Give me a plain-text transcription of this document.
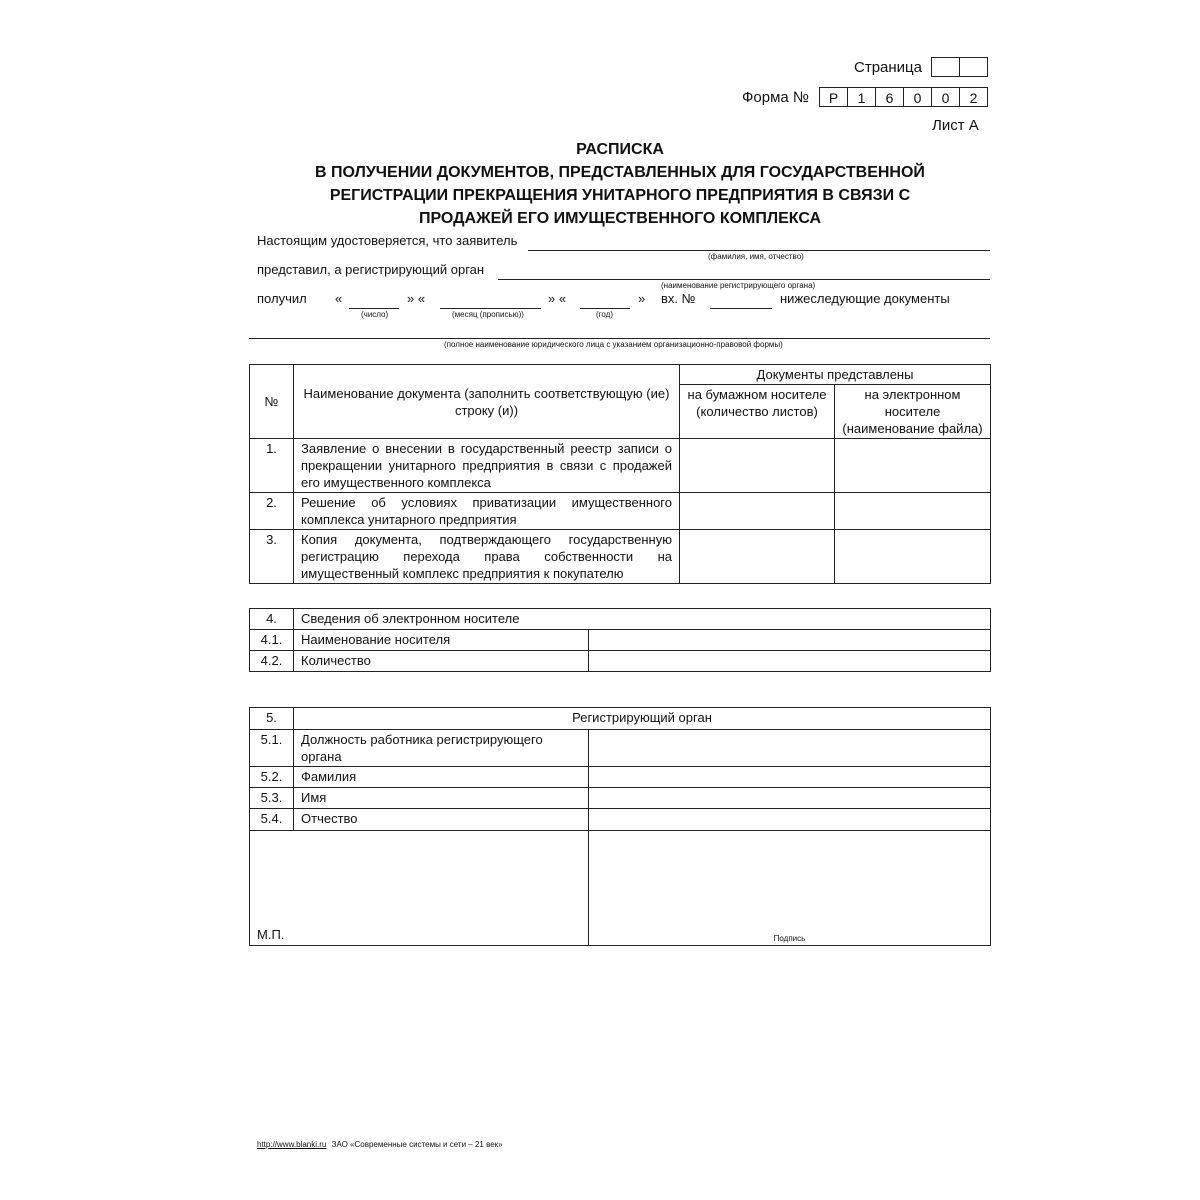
Страница
Форма №	Р	1	6	0	0	2
Лист А
РАСПИСКА
В ПОЛУЧЕНИИ ДОКУМЕНТОВ, ПРЕДСТАВЛЕННЫХ ДЛЯ ГОСУДАРСТВЕННОЙ
РЕГИСТРАЦИИ ПРЕКРАЩЕНИЯ УНИТАРНОГО ПРЕДПРИЯТИЯ В СВЯЗИ С
ПРОДАЖЕЙ ЕГО ИМУЩЕСТВЕННОГО КОМПЛЕКСА
Настоящим удостоверяется, что заявитель
(фамилия, имя, отчество)
представил, а регистрирующий орган
(наименование регистрирующего органа)
получил «
(число)
» «
(месяц (прописью))
» «
(год)
» вх. №	нижеследующие документы
(полное наименование юридического лица с указанием организационно-правовой формы)
№	Наименование документа (заполнить соответствующую (ие) строку (и))	Документы представлены	
		на бумажном носителе (количество листов)	на электронном носителе (наименование файла)
1.	Заявление о внесении в государственный реестр записи о прекращении унитарного предприятия в связи с продажей его имущественного комплекса		
2.	Решение об условиях приватизации имущественного комплекса унитарного предприятия		
3.	Копия документа, подтверждающего государственную регистрацию перехода права собственности на имущественный комплекс предприятия к покупателю		
4.	Сведения об электронном носителе	
4.1.	Наименование носителя	
4.2.	Количество	
5.	Регистрирующий орган	
5.1.	Должность работника регистрирующего органа	
5.2.	Фамилия	
5.3.	Имя	
5.4.	Отчество	
М.П.		Подпись
http://www.blanki.ru ЗАО «Современные системы и сети – 21 век»
